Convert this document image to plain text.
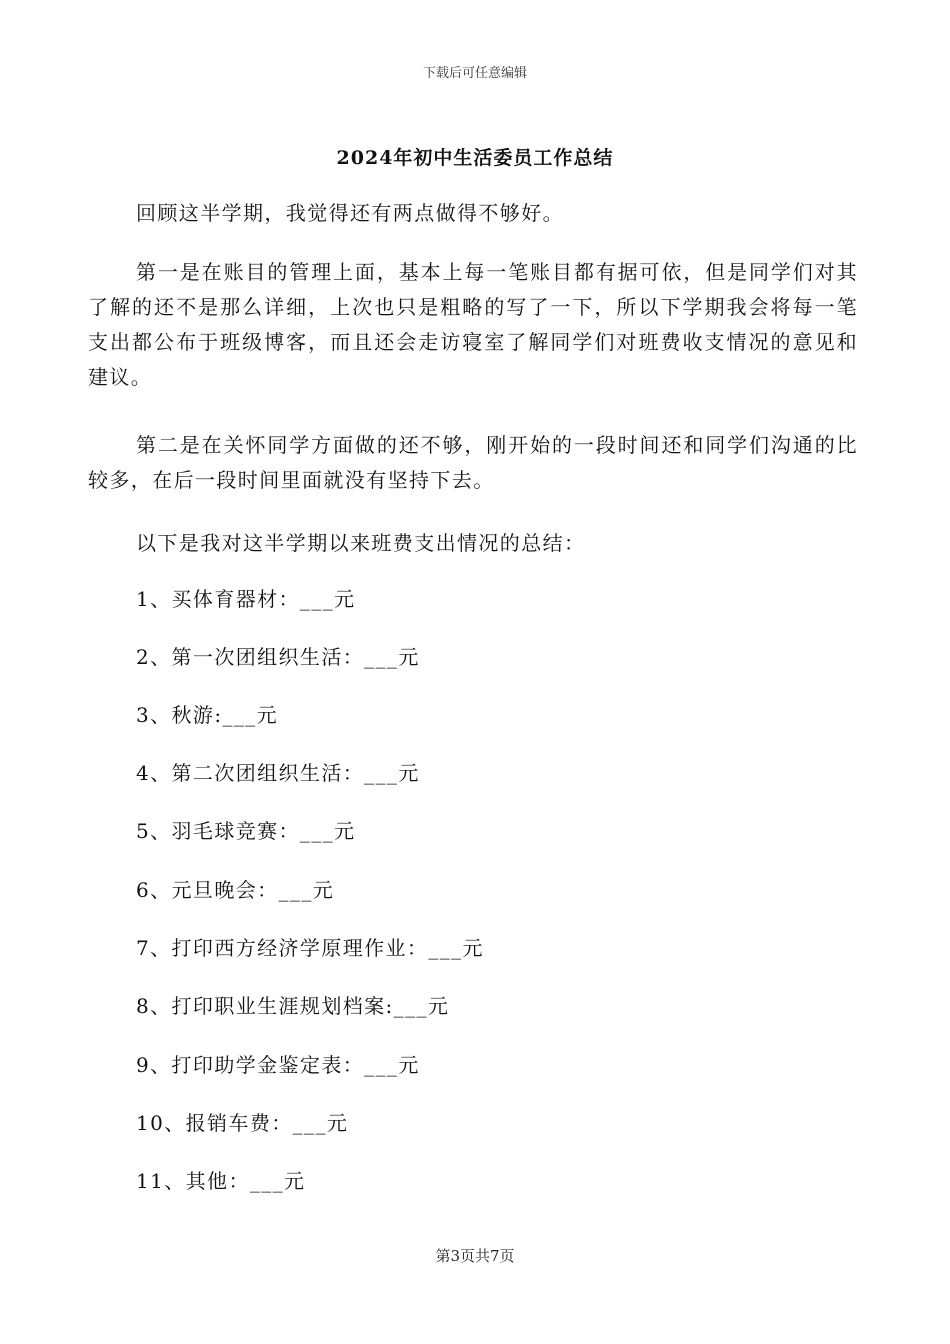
下载后可任意编辑
2024年初中生活委员工作总结

回顾这半学期，我觉得还有两点做得不够好。

第一是在账目的管理上面，基本上每一笔账目都有据可依，但是同学们对其了解的还不是那么详细，上次也只是粗略的写了一下，所以下学期我会将每一笔支出都公布于班级博客，而且还会走访寝室了解同学们对班费收支情况的意见和建议。

第二是在关怀同学方面做的还不够，刚开始的一段时间还和同学们沟通的比较多，在后一段时间里面就没有坚持下去。

以下是我对这半学期以来班费支出情况的总结：

1、买体育器材：___元

2、第一次团组织生活：___元

3、秋游:___元

4、第二次团组织生活：___元

5、羽毛球竞赛：___元

6、元旦晚会：___元

7、打印西方经济学原理作业：___元

8、打印职业生涯规划档案:___元

9、打印助学金鉴定表：___元

10、报销车费：___元

11、其他：___元

第3页共7页
